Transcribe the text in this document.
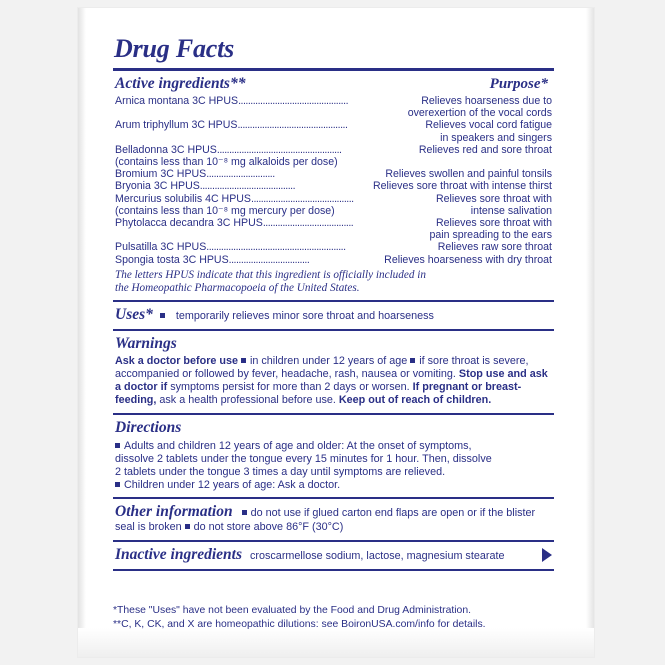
Drug Facts
Active ingredients**	Purpose*
Arnica montana 3C HPUS.............................................	Relieves hoarseness due to
	overexertion of the vocal cords
Arum triphyllum 3C HPUS.............................................	Relieves vocal cord fatigue
	in speakers and singers
Belladonna 3C HPUS...................................................	Relieves red and sore throat
(contains less than 10⁻⁸ mg alkaloids per dose)	
Bromium 3C HPUS............................	Relieves swollen and painful tonsils
Bryonia 3C HPUS.......................................	Relieves sore throat with intense thirst
Mercurius solubilis 4C HPUS..........................................	Relieves sore throat with
(contains less than 10⁻⁸ mg mercury per dose)	intense salivation
Phytolacca decandra 3C HPUS.....................................	Relieves sore throat with
	pain spreading to the ears
Pulsatilla 3C HPUS.........................................................	Relieves raw sore throat
Spongia tosta 3C HPUS.................................	Relieves hoarseness with dry throat
The letters HPUS indicate that this ingredient is officially included in
the Homeopathic Pharmacopoeia of the United States.
Uses* temporarily relieves minor sore throat and hoarseness
Warnings
Ask a doctor before use in children under 12 years of age if sore throat is severe, accompanied or followed by fever, headache, rash, nausea or vomiting. Stop use and ask a doctor if symptoms persist for more than 2 days or worsen. If pregnant or breast-feeding, ask a health professional before use. Keep out of reach of children.
Directions
Adults and children 12 years of age and older: At the onset of symptoms,
dissolve 2 tablets under the tongue every 15 minutes for 1 hour. Then, dissolve
2 tablets under the tongue 3 times a day until symptoms are relieved.
Children under 12 years of age: Ask a doctor.
Other information do not use if glued carton end flaps are open or if the blister seal is broken do not store above 86°F (30°C)
Inactive ingredients croscarmellose sodium, lactose, magnesium stearate
*These "Uses" have not been evaluated by the Food and Drug Administration.
**C, K, CK, and X are homeopathic dilutions: see BoironUSA.com/info for details.
